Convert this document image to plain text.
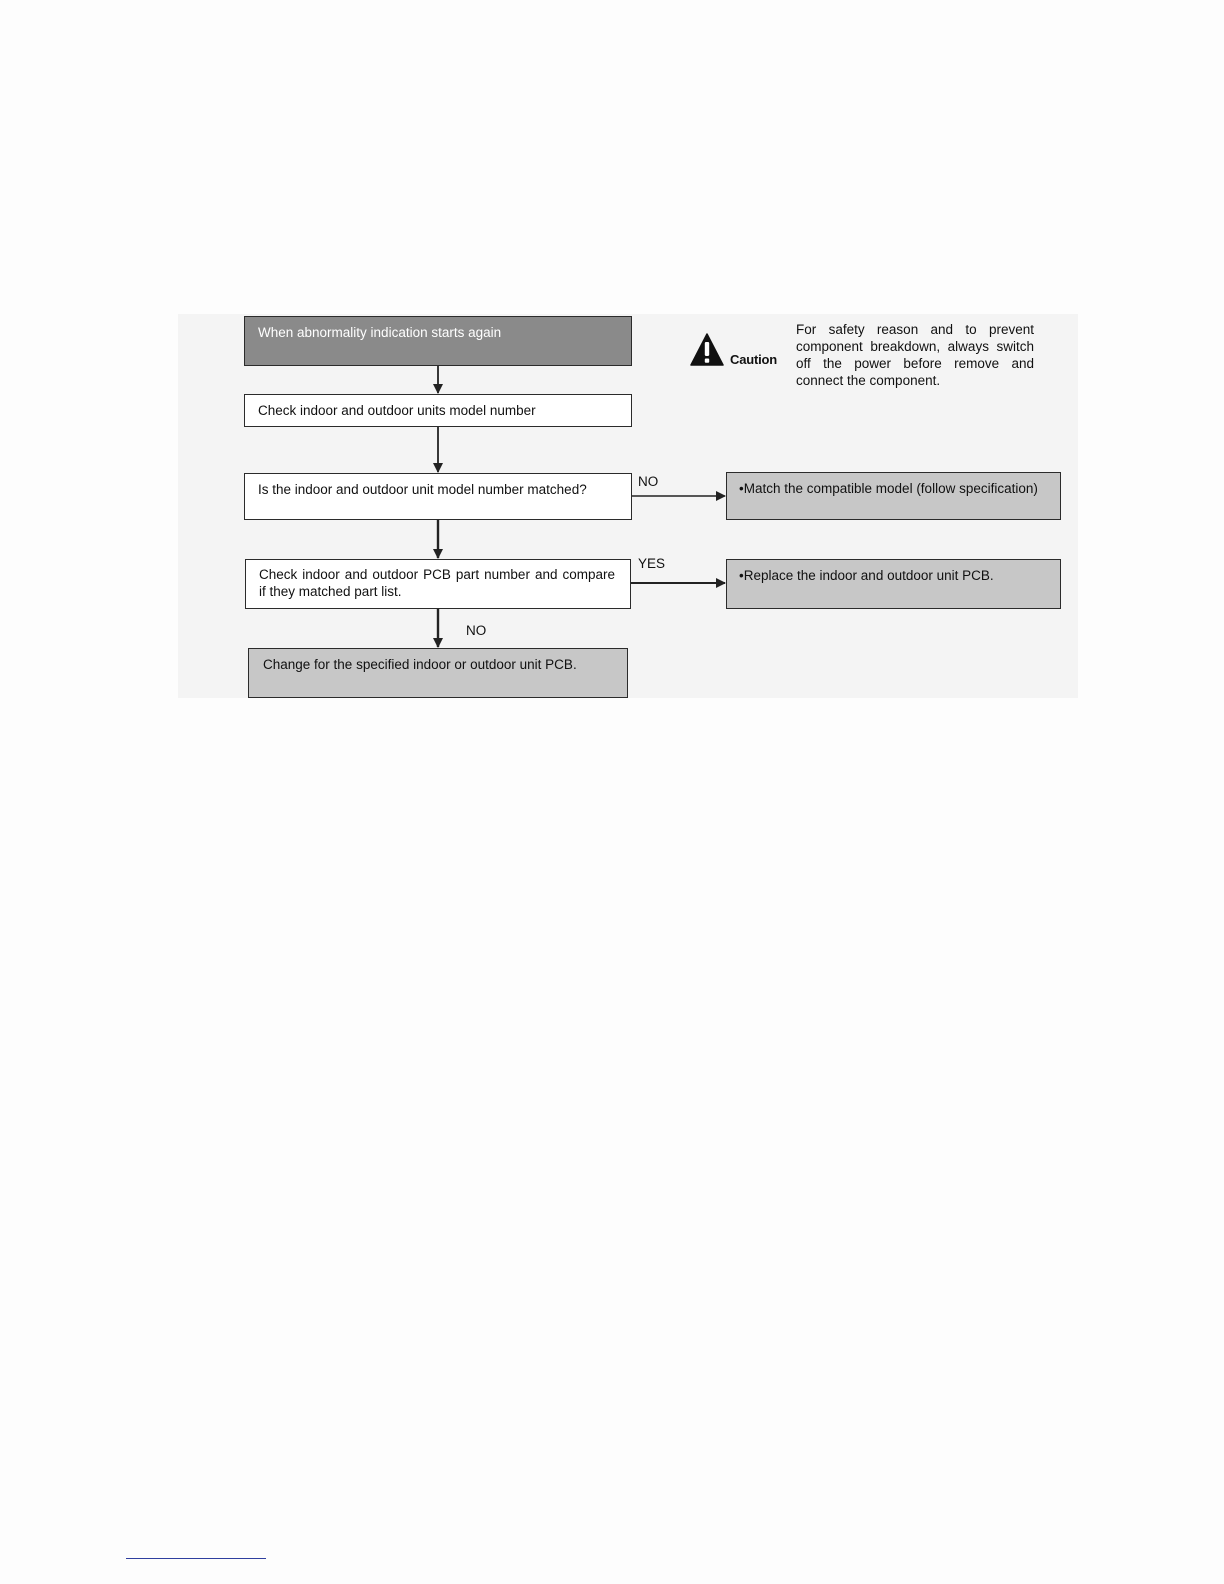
When abnormality indication starts again
Check indoor and outdoor units model number
Is the indoor and outdoor unit model number matched?
Check indoor and outdoor PCB part number and compare if they matched part list.
Change for the specified indoor or outdoor unit PCB.
•Match the compatible model (follow specification)
•Replace the indoor and outdoor unit PCB.
NO
YES
NO
Caution
For safety reason and to prevent component breakdown, always switch off the power before remove and connect the component.
